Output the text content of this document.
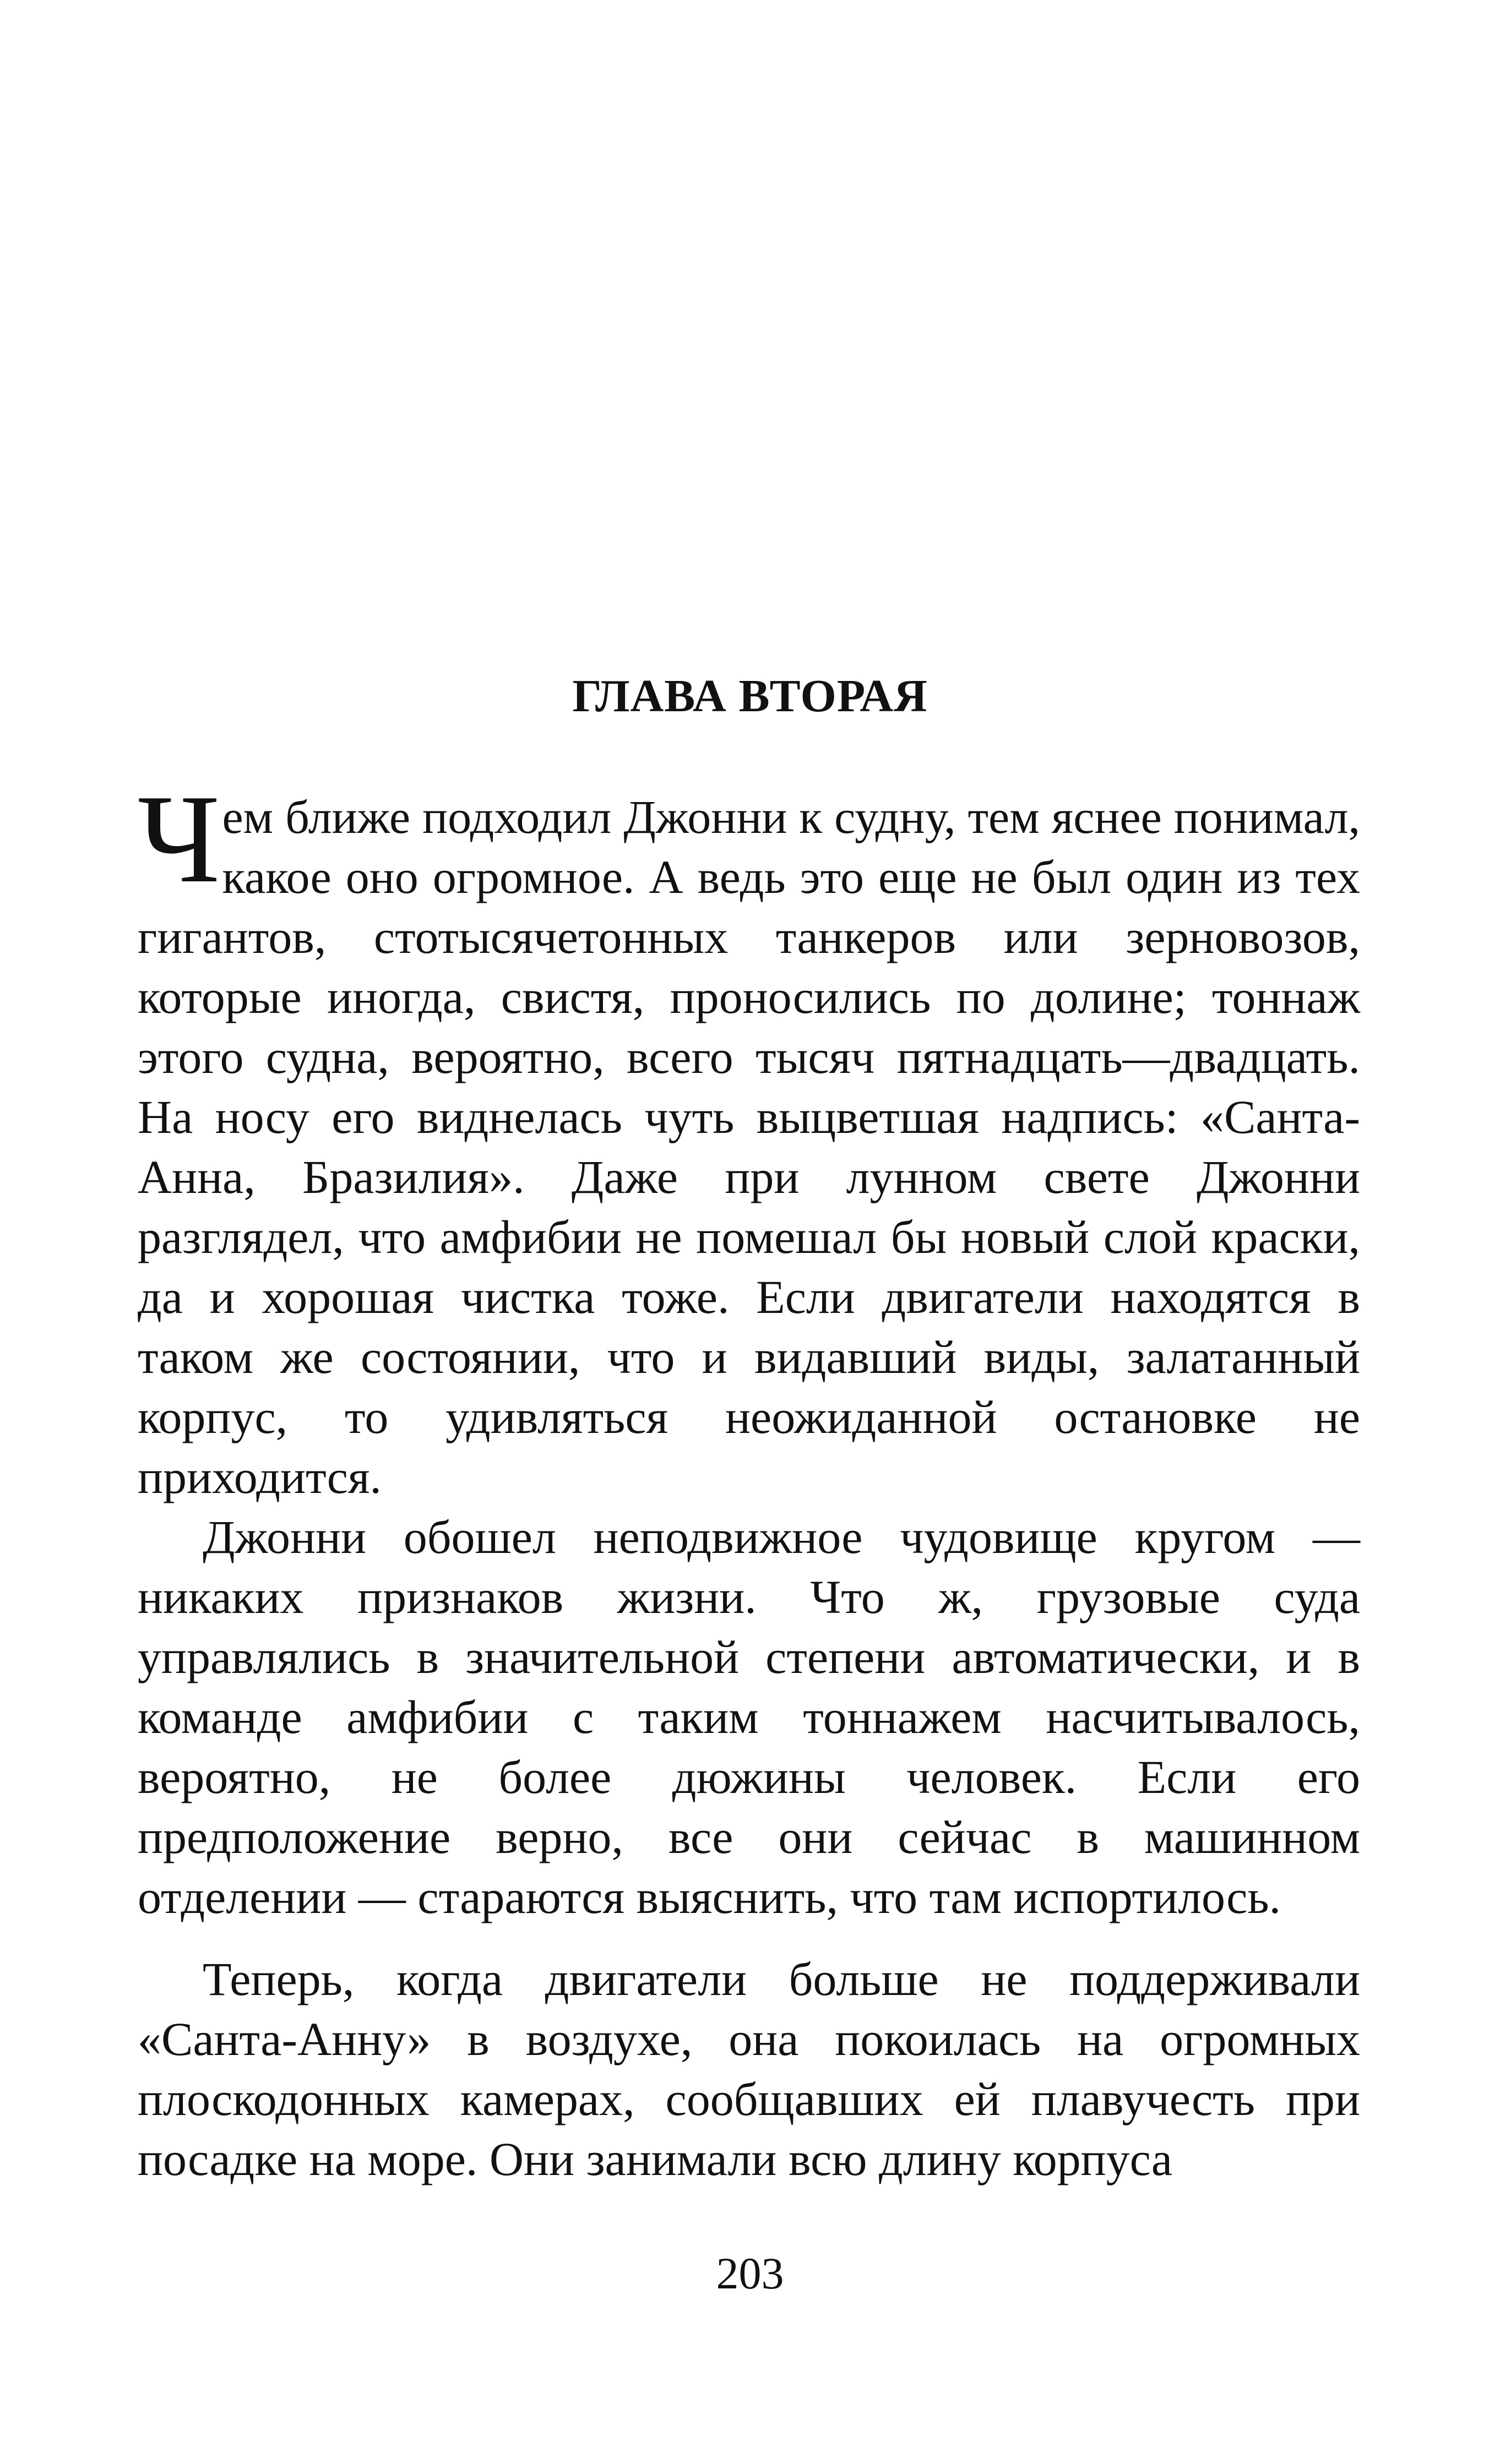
ГЛАВА ВТОРАЯ

Чем ближе подходил Джонни к судну, тем яснее понимал, какое оно огромное. А ведь это еще не был один из тех гигантов, стотысячетонных танкеров или зерновозов, которые иногда, свистя, проносились по долине; тоннаж этого судна, вероятно, всего тысяч пятнадцать—двадцать. На носу его виднелась чуть выцветшая надпись: «Санта-Анна, Бразилия». Даже при лунном свете Джонни разглядел, что амфибии не помешал бы новый слой краски, да и хорошая чистка тоже. Если двигатели находятся в таком же состоянии, что и видавший виды, залатанный корпус, то удивляться неожиданной остановке не приходится.

Джонни обошел неподвижное чудовище кругом — никаких признаков жизни. Что ж, грузовые суда управлялись в значительной степени автоматически, и в команде амфибии с таким тоннажем насчитывалось, вероятно, не более дюжины человек. Если его предположение верно, все они сейчас в машинном отделении — стараются выяснить, что там испортилось.

Теперь, когда двигатели больше не поддерживали «Санта-Анну» в воздухе, она покоилась на огромных плоскодонных камерах, сообщавших ей плавучесть при посадке на море. Они занимали всю длину корпуса

203
